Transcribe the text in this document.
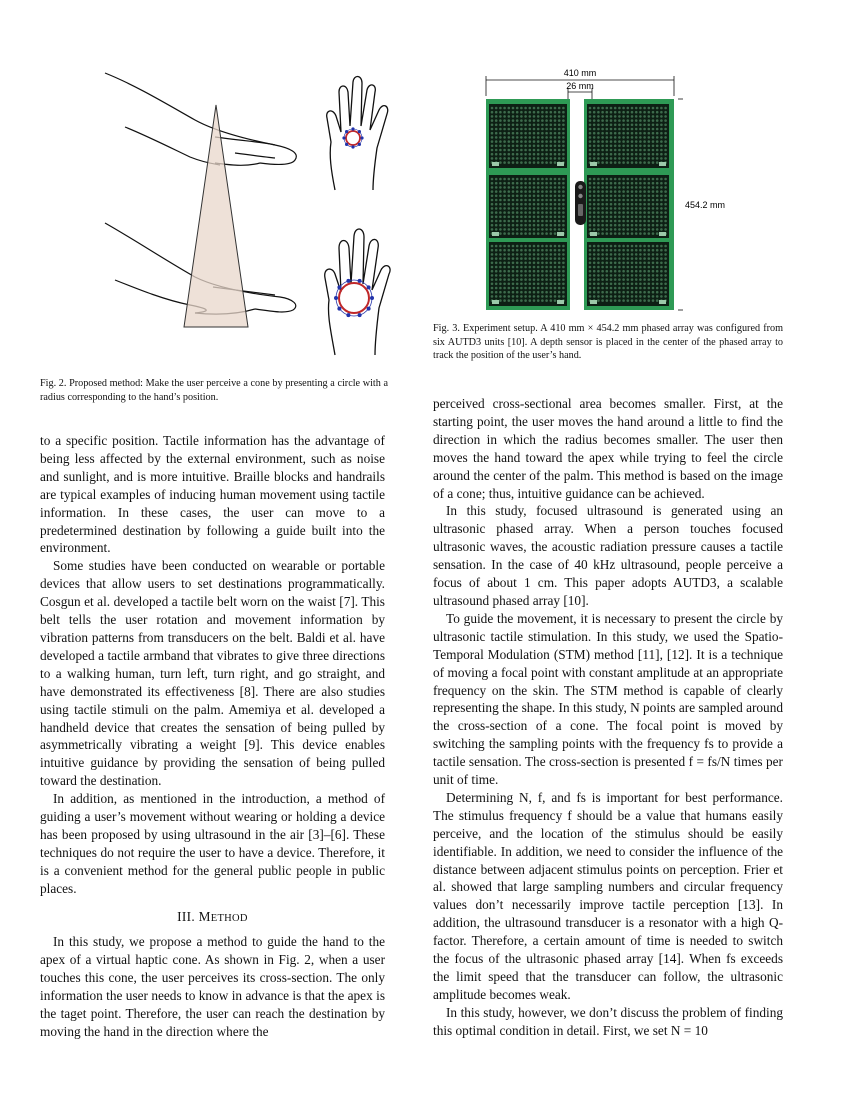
Fig. 2. Proposed method: Make the user perceive a cone by presenting a circle with a radius corresponding to the hand’s position.
410 mm
26 mm
454.2 mm
Fig. 3. Experiment setup. A 410 mm × 454.2 mm phased array was configured from six AUTD3 units [10]. A depth sensor is placed in the center of the phased array to track the position of the user’s hand.

to a specific position. Tactile information has the advantage of being less affected by the external environment, such as noise and sunlight, and is more intuitive. Braille blocks and handrails are typical examples of inducing human movement using tactile information. In these cases, the user can move to a predetermined destination by following a guide built into the environment.

Some studies have been conducted on wearable or portable devices that allow users to set destinations programmatically. Cosgun et al. developed a tactile belt worn on the waist [7]. This belt tells the user rotation and movement information by vibration patterns from transducers on the belt. Baldi et al. have developed a tactile armband that vibrates to give three directions to a walking human, turn left, turn right, and go straight, and have demonstrated its effectiveness [8]. There are also studies using tactile stimuli on the palm. Amemiya et al. developed a handheld device that creates the sensation of being pulled by asymmetrically vibrating a weight [9]. This device enables intuitive guidance by providing the sensation of being pulled toward the destination.

In addition, as mentioned in the introduction, a method of guiding a user’s movement without wearing or holding a device has been proposed by using ultrasound in the air [3]–[6]. These techniques do not require the user to have a device. Therefore, it is a convenient method for the general public people in public places.

III. METHOD

In this study, we propose a method to guide the hand to the apex of a virtual haptic cone. As shown in Fig. 2, when a user touches this cone, the user perceives its cross-section. The only information the user needs to know in advance is that the apex is the taget point. Therefore, the user can reach the destination by moving the hand in the direction where the

perceived cross-sectional area becomes smaller. First, at the starting point, the user moves the hand around a little to find the direction in which the radius becomes smaller. The user then moves the hand toward the apex while trying to feel the circle around the center of the palm. This method is based on the image of a cone; thus, intuitive guidance can be achieved.

In this study, focused ultrasound is generated using an ultrasonic phased array. When a person touches focused ultrasonic waves, the acoustic radiation pressure causes a tactile sensation. In the case of 40 kHz ultrasound, people perceive a focus of about 1 cm. This paper adopts AUTD3, a scalable ultrasound phased array [10].

To guide the movement, it is necessary to present the circle by ultrasonic tactile stimulation. In this study, we used the Spatio-Temporal Modulation (STM) method [11], [12]. It is a technique of moving a focal point with constant amplitude at an appropriate frequency on the skin. The STM method is capable of clearly representing the shape. In this study, N points are sampled around the cross-section of a cone. The focal point is moved by switching the sampling points with the frequency fs to provide a tactile sensation. The cross-section is presented f = fs/N times per unit of time.

Determining N, f, and fs is important for best performance. The stimulus frequency f should be a value that humans easily perceive, and the location of the stimulus should be easily identifiable. In addition, we need to consider the influence of the distance between adjacent stimulus points on perception. Frier et al. showed that large sampling numbers and circular frequency values don’t necessarily improve tactile perception [13]. In addition, the ultrasound transducer is a resonator with a high Q-factor. Therefore, a certain amount of time is needed to switch the focus of the ultrasonic phased array [14]. When fs exceeds the limit speed that the transducer can follow, the ultrasonic amplitude becomes weak.

In this study, however, we don’t discuss the problem of finding this optimal condition in detail. First, we set N = 10
